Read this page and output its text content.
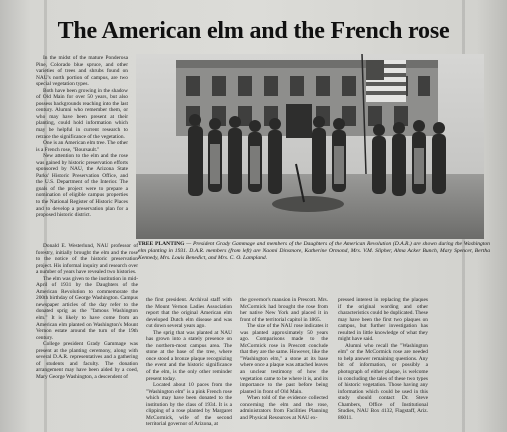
The American elm and the French rose

In the midst of the mature Ponderosa Pine, Colorado blue spruce, and other varieties of trees and shrubs found on NAU's north portion of campus, are two special vegetation types.

Both have been growing in the shadow of Old Main for over 50 years, but also possess backgrounds reaching into the last century. Alumni who remember them, or who may have been present at their planting, could hold information which may be helpful in current research to retrace the significance of the vegetation.

One is an American elm tree. The other is a French rose, "Boursault."

New attention to the elm and the rose was gained by historic preservation efforts sponsored by NAU, the Arizona State Parks' Historic Preservation Office, and the U.S. Department of the Interior. The goals of the project were to prepare a nomination of eligible campus properties to the National Register of Historic Places and to develop a preservation plan for a proposed historic district.

TREE PLANTING — President Grady Gammage and members of the Daughters of the American Revolution (D.A.R.) are shown during the Washington elm planting in 1931. D.A.R. members (from left) are Naomi Dinsmore, Katherine Ormond, Mrs. V.M. Slipher, Alma Acker Bunch, Mary Spencer, Bertha Kennedy, Mrs. Louis Benedict, and Mrs. C. O. Lampland.

Donald E. Westerlund, NAU professor of forestry, initially brought the elm and the rose to the notice of the historic preservation project. His informal inquiry and research over a number of years have revealed two histories.

The elm was given to the institution in mid-April of 1931 by the Daughters of the American Revolution to commemorate the 200th birthday of George Washington. Campus newspaper articles of the day refer to the donated sprig as the "famous Washington elm." It is likely to have come from an American elm planted on Washington's Mount Vernon estate around the turn of the 19th century.

College president Grady Gammage was present at the planting ceremony, along with several D.A.R. representatives and a gathering of students and faculty. The donation arrangement may have been aided by a coed, Mary George Washington, a descendent of

the first president. Archival staff with the Mount Vernon Ladies Association report that the original American elm developed Dutch elm disease and was cut down several years ago.

The sprig that was planted at NAU has grown into a stately presence on the northern-most campus area. The stone at the base of the tree, where once stood a bronze plaque recognizing the event and the historic significance of the elm, is the only other reminder present today.

Located about 10 paces from the "Washington elm" is a pink French rose which may have been donated to the institution by the class of 1934. It is a clipping of a rose planted by Margaret McCormick, wife of the second territorial governor of Arizona, at

the governor's mansion in Prescott. Mrs. McCormick had brought the rose from her native New York and placed it in front of the territorial capitol in 1865.

The size of the NAU rose indicates it was planted approximately 50 years ago. Comparisons made to the McCormick rose in Prescott conclude that they are the same. However, like the "Washington elm," a stone at its base where once a plaque was attached leaves an unclear testimony of how the vegetation came to be where it is, and its importance to the past before being planted in front of Old Main.

When told of the evidence collected concerning the elm and the rose, administrators from Facilities Planning and Physical Resources at NAU ex-

pressed interest in replacing the plaques if the original wording and other characteristics could be duplicated. These may have been the first two plaques on campus, but further investigation has resulted in little knowledge of what they might have said.

Alumni who recall the "Washington elm" or the McCormick rose are needed to help answer remaining questions. Any bit of information, or possibly a photograph of either plaque, is welcome in concluding the tales of these two types of historic vegetation. Those having any information which could be used in this study should contact Dr. Steve Chambers, Office of Institutional Studies, NAU Box 4132, Flagstaff, Ariz. 86011.
